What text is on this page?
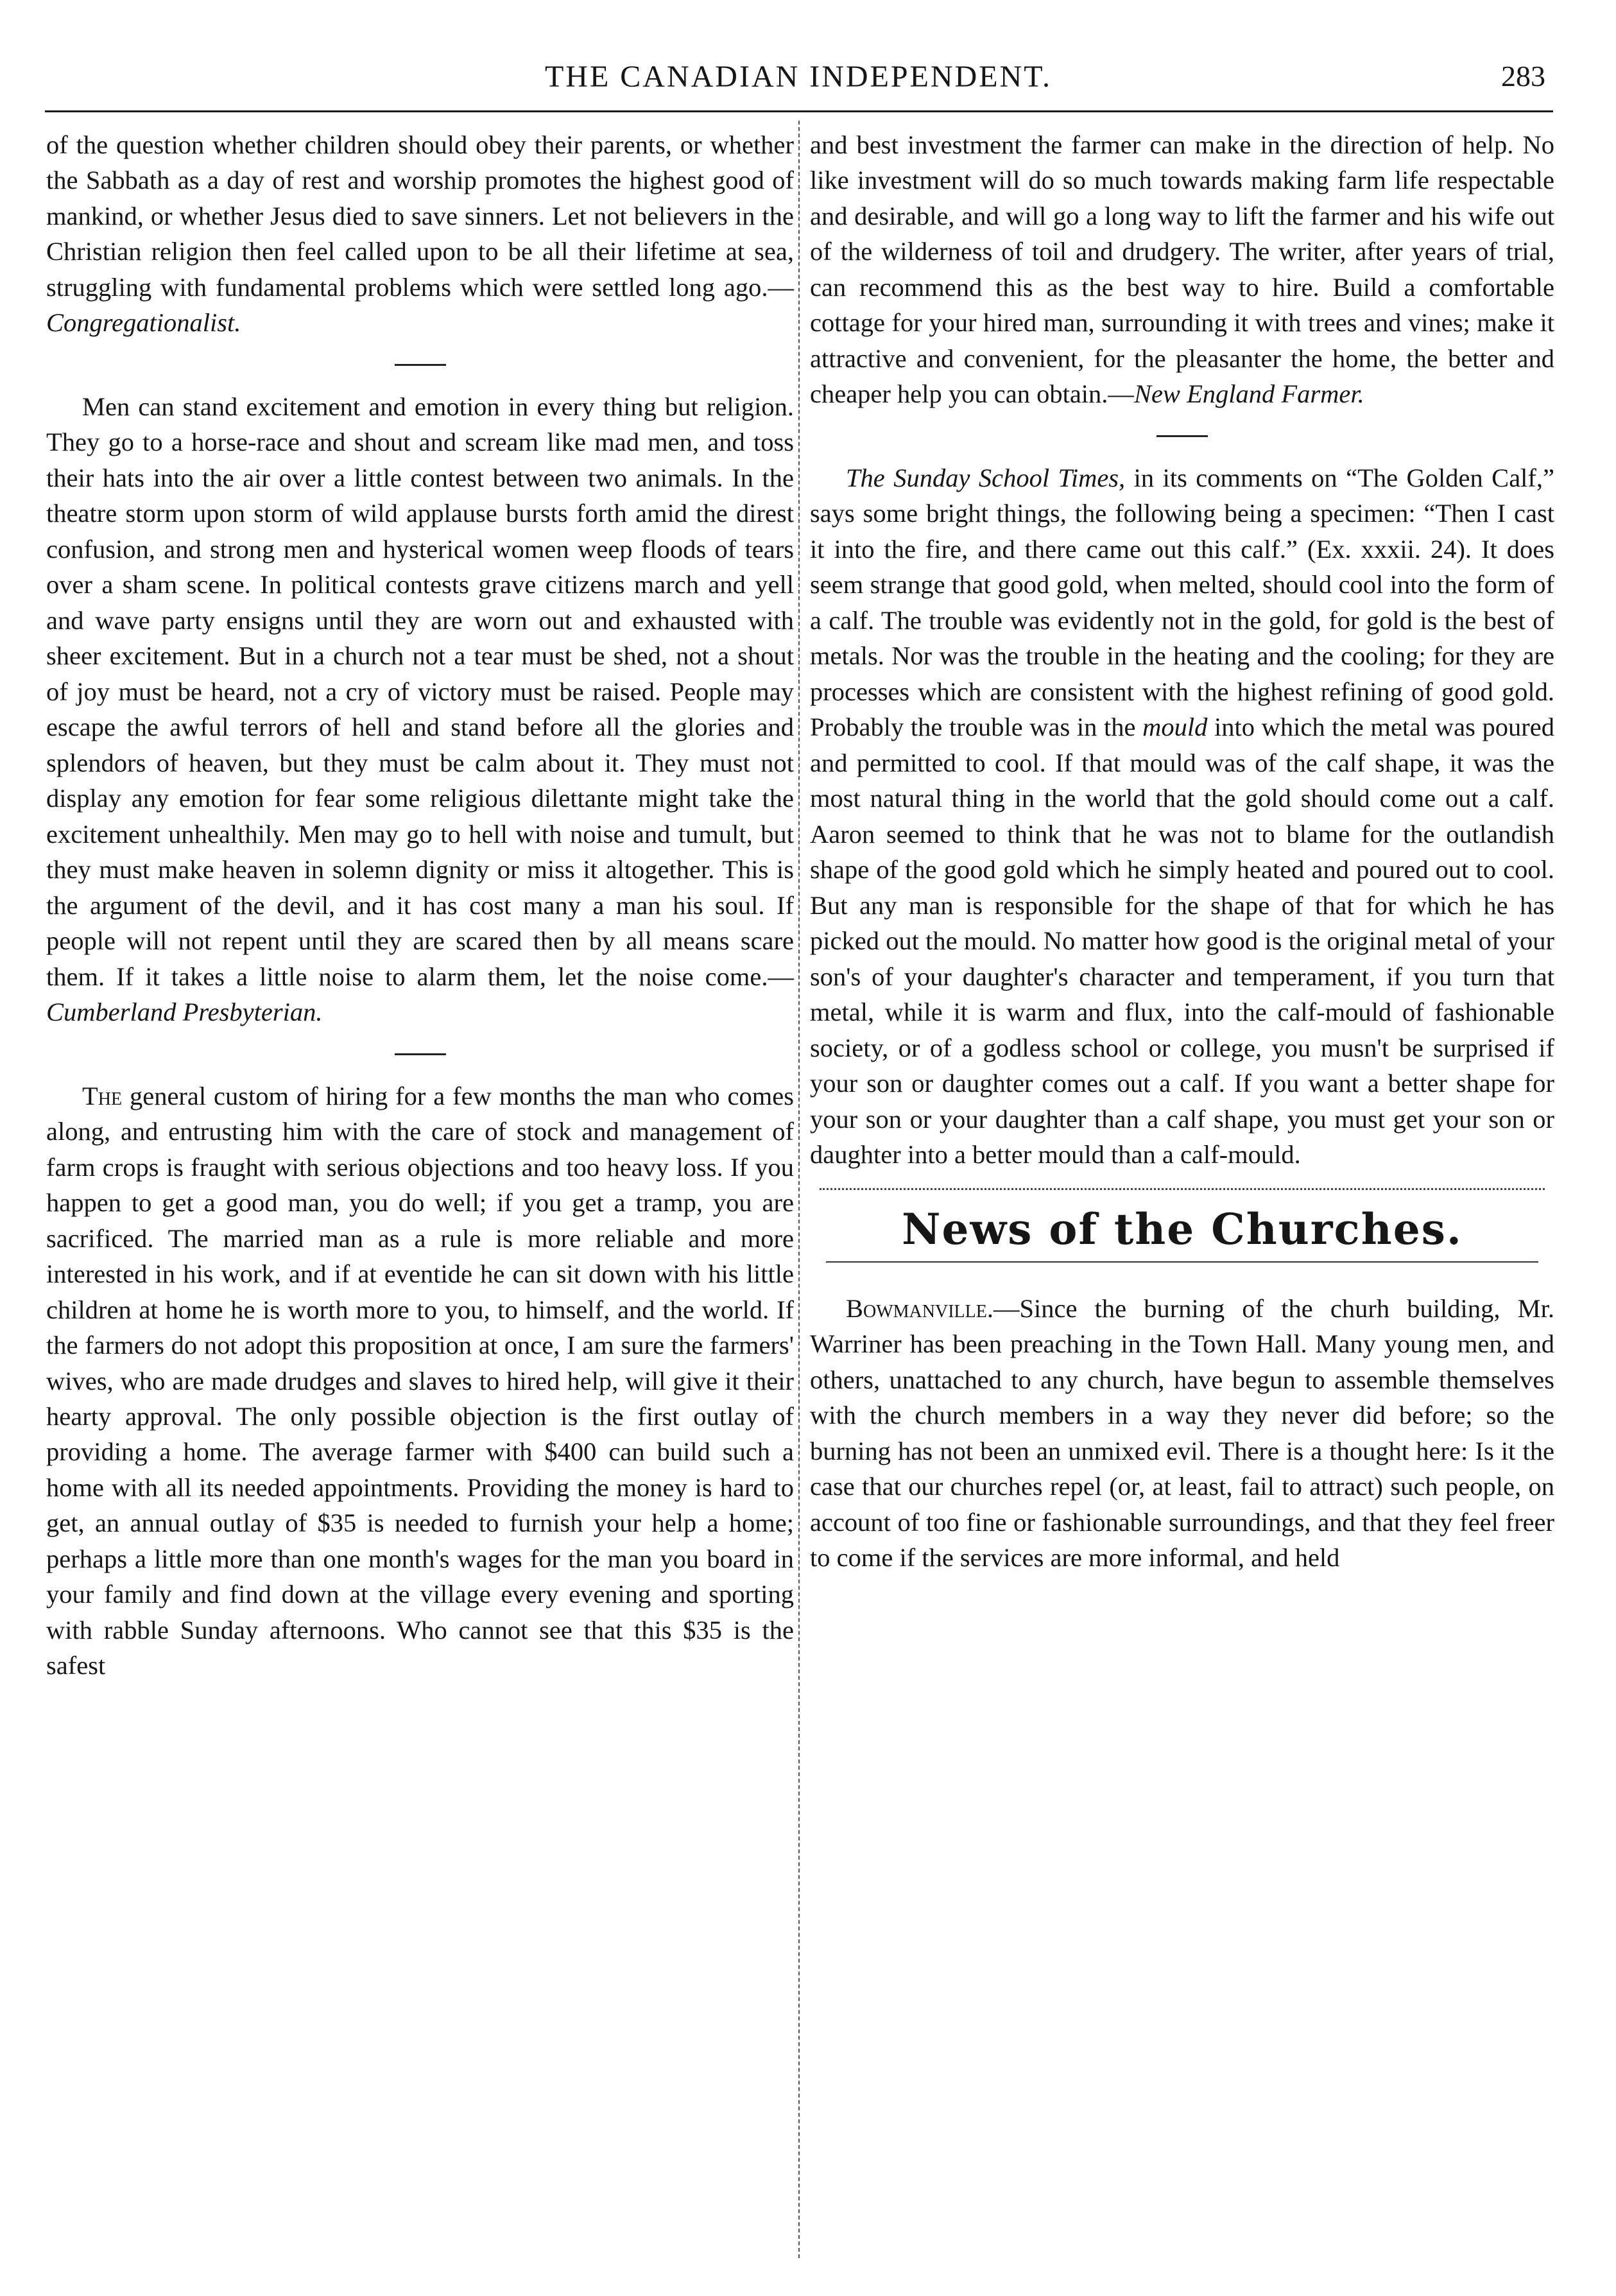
THE CANADIAN INDEPENDENT.	283

of the question whether children should obey their parents, or whether the Sabbath as a day of rest and worship promotes the highest good of mankind, or whether Jesus died to save sinners. Let not believers in the Christian religion then feel called upon to be all their lifetime at sea, struggling with fundamental problems which were settled long ago.—Congregationalist.

Men can stand excitement and emotion in every thing but religion. They go to a horse-race and shout and scream like mad men, and toss their hats into the air over a little contest between two animals. In the theatre storm upon storm of wild applause bursts forth amid the direst confusion, and strong men and hysterical women weep floods of tears over a sham scene. In political contests grave citizens march and yell and wave party ensigns until they are worn out and exhausted with sheer excitement. But in a church not a tear must be shed, not a shout of joy must be heard, not a cry of victory must be raised. People may escape the awful terrors of hell and stand before all the glories and splendors of heaven, but they must be calm about it. They must not display any emotion for fear some religious dilettante might take the excitement unhealthily. Men may go to hell with noise and tumult, but they must make heaven in solemn dignity or miss it altogether. This is the argument of the devil, and it has cost many a man his soul. If people will not repent until they are scared then by all means scare them. If it takes a little noise to alarm them, let the noise come.—Cumberland Presbyterian.

The general custom of hiring for a few months the man who comes along, and entrusting him with the care of stock and management of farm crops is fraught with serious objections and too heavy loss. If you happen to get a good man, you do well; if you get a tramp, you are sacrificed. The married man as a rule is more reliable and more interested in his work, and if at eventide he can sit down with his little children at home he is worth more to you, to himself, and the world. If the farmers do not adopt this proposition at once, I am sure the farmers' wives, who are made drudges and slaves to hired help, will give it their hearty approval. The only possible objection is the first outlay of providing a home. The average farmer with $400 can build such a home with all its needed appointments. Providing the money is hard to get, an annual outlay of $35 is needed to furnish your help a home; perhaps a little more than one month's wages for the man you board in your family and find down at the village every evening and sporting with rabble Sunday afternoons. Who cannot see that this $35 is the safest

and best investment the farmer can make in the direction of help. No like investment will do so much towards making farm life respectable and desirable, and will go a long way to lift the farmer and his wife out of the wilderness of toil and drudgery. The writer, after years of trial, can recommend this as the best way to hire. Build a comfortable cottage for your hired man, surrounding it with trees and vines; make it attractive and convenient, for the pleasanter the home, the better and cheaper help you can obtain.—New England Farmer.

The Sunday School Times, in its comments on “The Golden Calf,” says some bright things, the following being a specimen: “Then I cast it into the fire, and there came out this calf.” (Ex. xxxii. 24). It does seem strange that good gold, when melted, should cool into the form of a calf. The trouble was evidently not in the gold, for gold is the best of metals. Nor was the trouble in the heating and the cooling; for they are processes which are consistent with the highest refining of good gold. Probably the trouble was in the mould into which the metal was poured and permitted to cool. If that mould was of the calf shape, it was the most natural thing in the world that the gold should come out a calf. Aaron seemed to think that he was not to blame for the outlandish shape of the good gold which he simply heated and poured out to cool. But any man is responsible for the shape of that for which he has picked out the mould. No matter how good is the original metal of your son's of your daughter's character and temperament, if you turn that metal, while it is warm and flux, into the calf-mould of fashionable society, or of a godless school or college, you musn't be surprised if your son or daughter comes out a calf. If you want a better shape for your son or your daughter than a calf shape, you must get your son or daughter into a better mould than a calf-mould.

News of the Churches.

Bowmanville.—Since the burning of the churh building, Mr. Warriner has been preaching in the Town Hall. Many young men, and others, unattached to any church, have begun to assemble themselves with the church members in a way they never did before; so the burning has not been an unmixed evil. There is a thought here: Is it the case that our churches repel (or, at least, fail to attract) such people, on account of too fine or fashionable surroundings, and that they feel freer to come if the services are more informal, and held
